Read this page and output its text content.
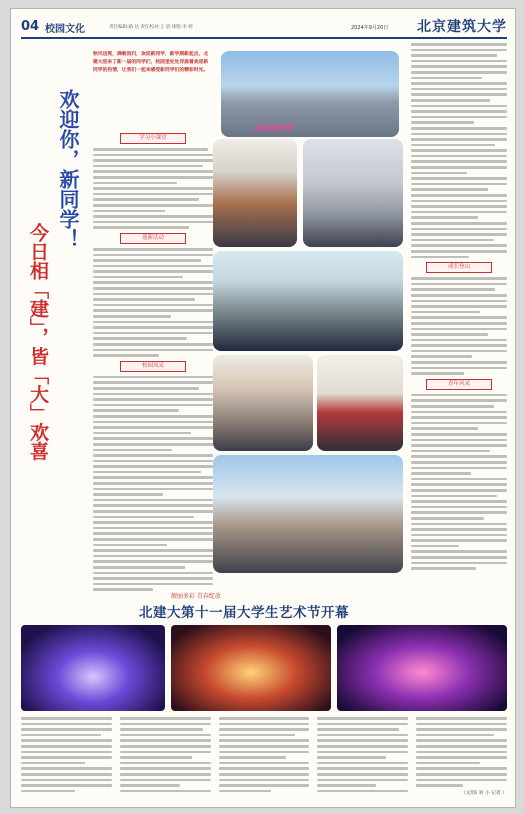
04 校园文化	责任编辑:路 达 责任校对:王 晨 排版:李 婷	2024年9月20日 北京建筑大学
欢迎你，新同学！
今日相「建」，皆「大」欢喜

秋风送爽，满载而归，欢迎新同学，新学期新起点，北建大迎来了新一届的同学们，校园里处处洋溢着欢迎新同学的热情，让我们一起来感受新同学们的精彩时光。

学习小课堂
迎新活动
校园风采
欢迎新同学
成长登山
青年风采
靓丽多彩 青春绽放
北建大第十一届大学生艺术节开幕
（文/图 刘 小 记者 ）
